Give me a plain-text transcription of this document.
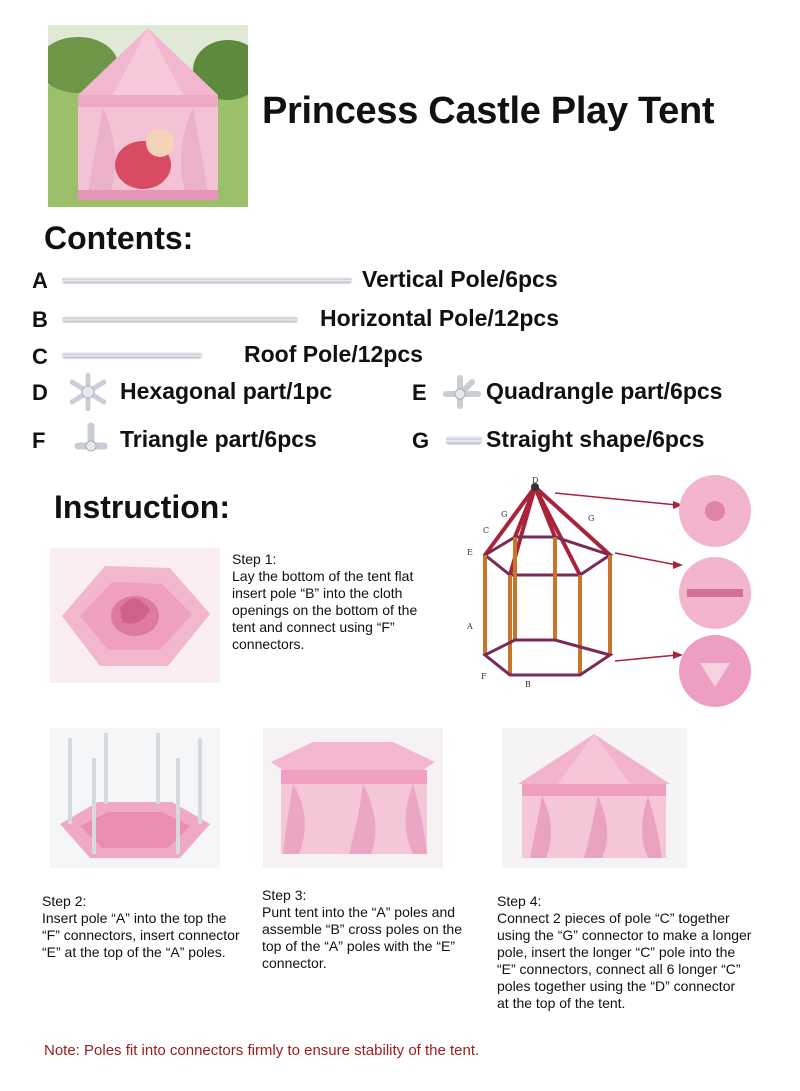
Princess Castle Play Tent
Contents:
A	Vertical Pole/6pcs
B	Horizontal Pole/12pcs
C	Roof Pole/12pcs
D	Hexagonal part/1pc	E	Quadrangle part/6pcs
F	Triangle part/6pcs	G Straight shape/6pcs
Instruction:
D
G	G
C
E
A
F
B
Step 1:
Lay the bottom of the tent flat
insert pole “B” into the cloth
openings on the bottom of the
tent and connect using “F”
connectors.
Step 2:
Insert pole “A” into the top the
“F” connectors, insert connector
“E” at the top of the “A” poles.
Step 3:
Punt tent into the “A” poles and
assemble “B” cross poles on the
top of the “A” poles with the “E”
connector.
Step 4:
Connect 2 pieces of pole “C” together
using the “G” connector to make a longer
pole, insert the longer “C” pole into the
“E” connectors, connect all 6 longer “C”
poles together using the “D” connector
at the top of the tent.
Note: Poles fit into connectors firmly to ensure stability of the tent.
